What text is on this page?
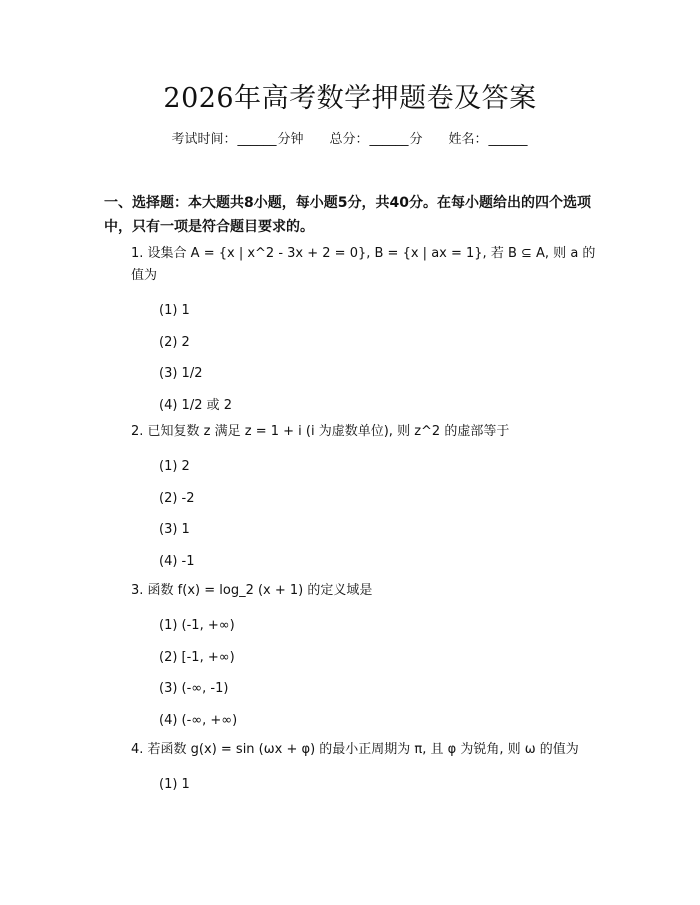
2026年高考数学押题卷及答案
考试时间： ______ 分钟 总分： ______ 分 姓名： ______
一、选择题：本大题共8小题，每小题5分，共40分。在每小题给出的四个选项中，只有一项是符合题目要求的。
1. 设集合 A = {x | x^2 - 3x + 2 = 0}, B = {x | ax = 1}, 若 B ⊆ A, 则 a 的值为
(1) 1
(2) 2
(3) 1/2
(4) 1/2 或 2
2. 已知复数 z 满足 z = 1 + i (i 为虚数单位), 则 z^2 的虚部等于
(1) 2
(2) -2
(3) 1
(4) -1
3. 函数 f(x) = log_2 (x + 1) 的定义域是
(1) (-1, +∞)
(2) [-1, +∞)
(3) (-∞, -1)
(4) (-∞, +∞)
4. 若函数 g(x) = sin (ωx + φ) 的最小正周期为 π, 且 φ 为锐角, 则 ω 的值为
(1) 1
